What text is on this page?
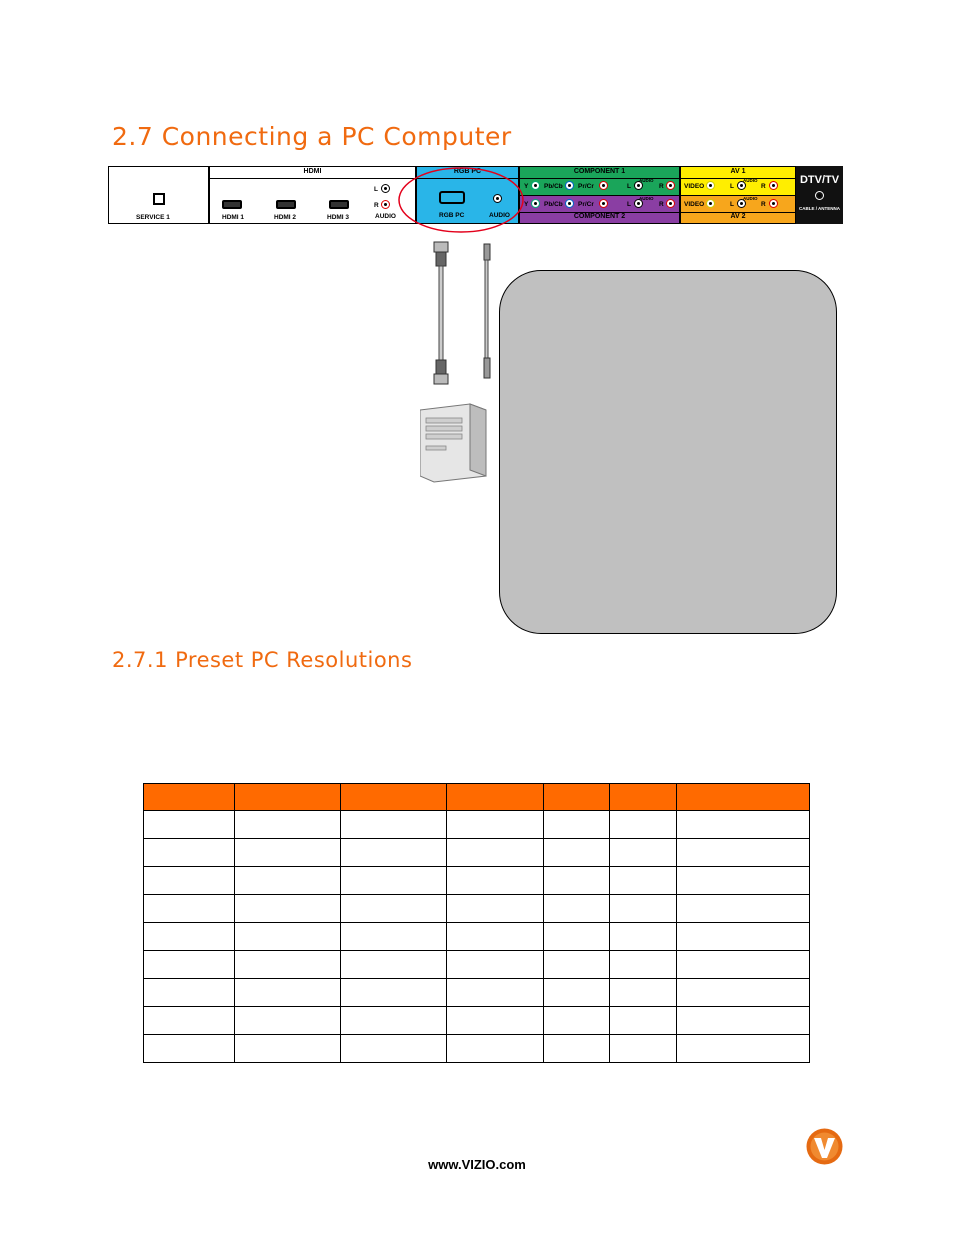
2.7 Connecting a PC Computer
SERVICE 1
HDMI
HDMI 1	HDMI 2	HDMI 3
L
R
AUDIO
RGB PC
RGB PC	AUDIO
COMPONENT 1
Y Pb/Cb Pr/Cr	L
AUDIO
R
Y Pb/Cb Pr/Cr	L
AUDIO
R
COMPONENT 2
AV 1
VIDEO	L
AUDIO
R
VIDEO	L
AUDIO
R
AV 2
DTV/TV
CABLE / ANTENNA
2.7.1 Preset PC Resolutions

www.VIZIO.com
